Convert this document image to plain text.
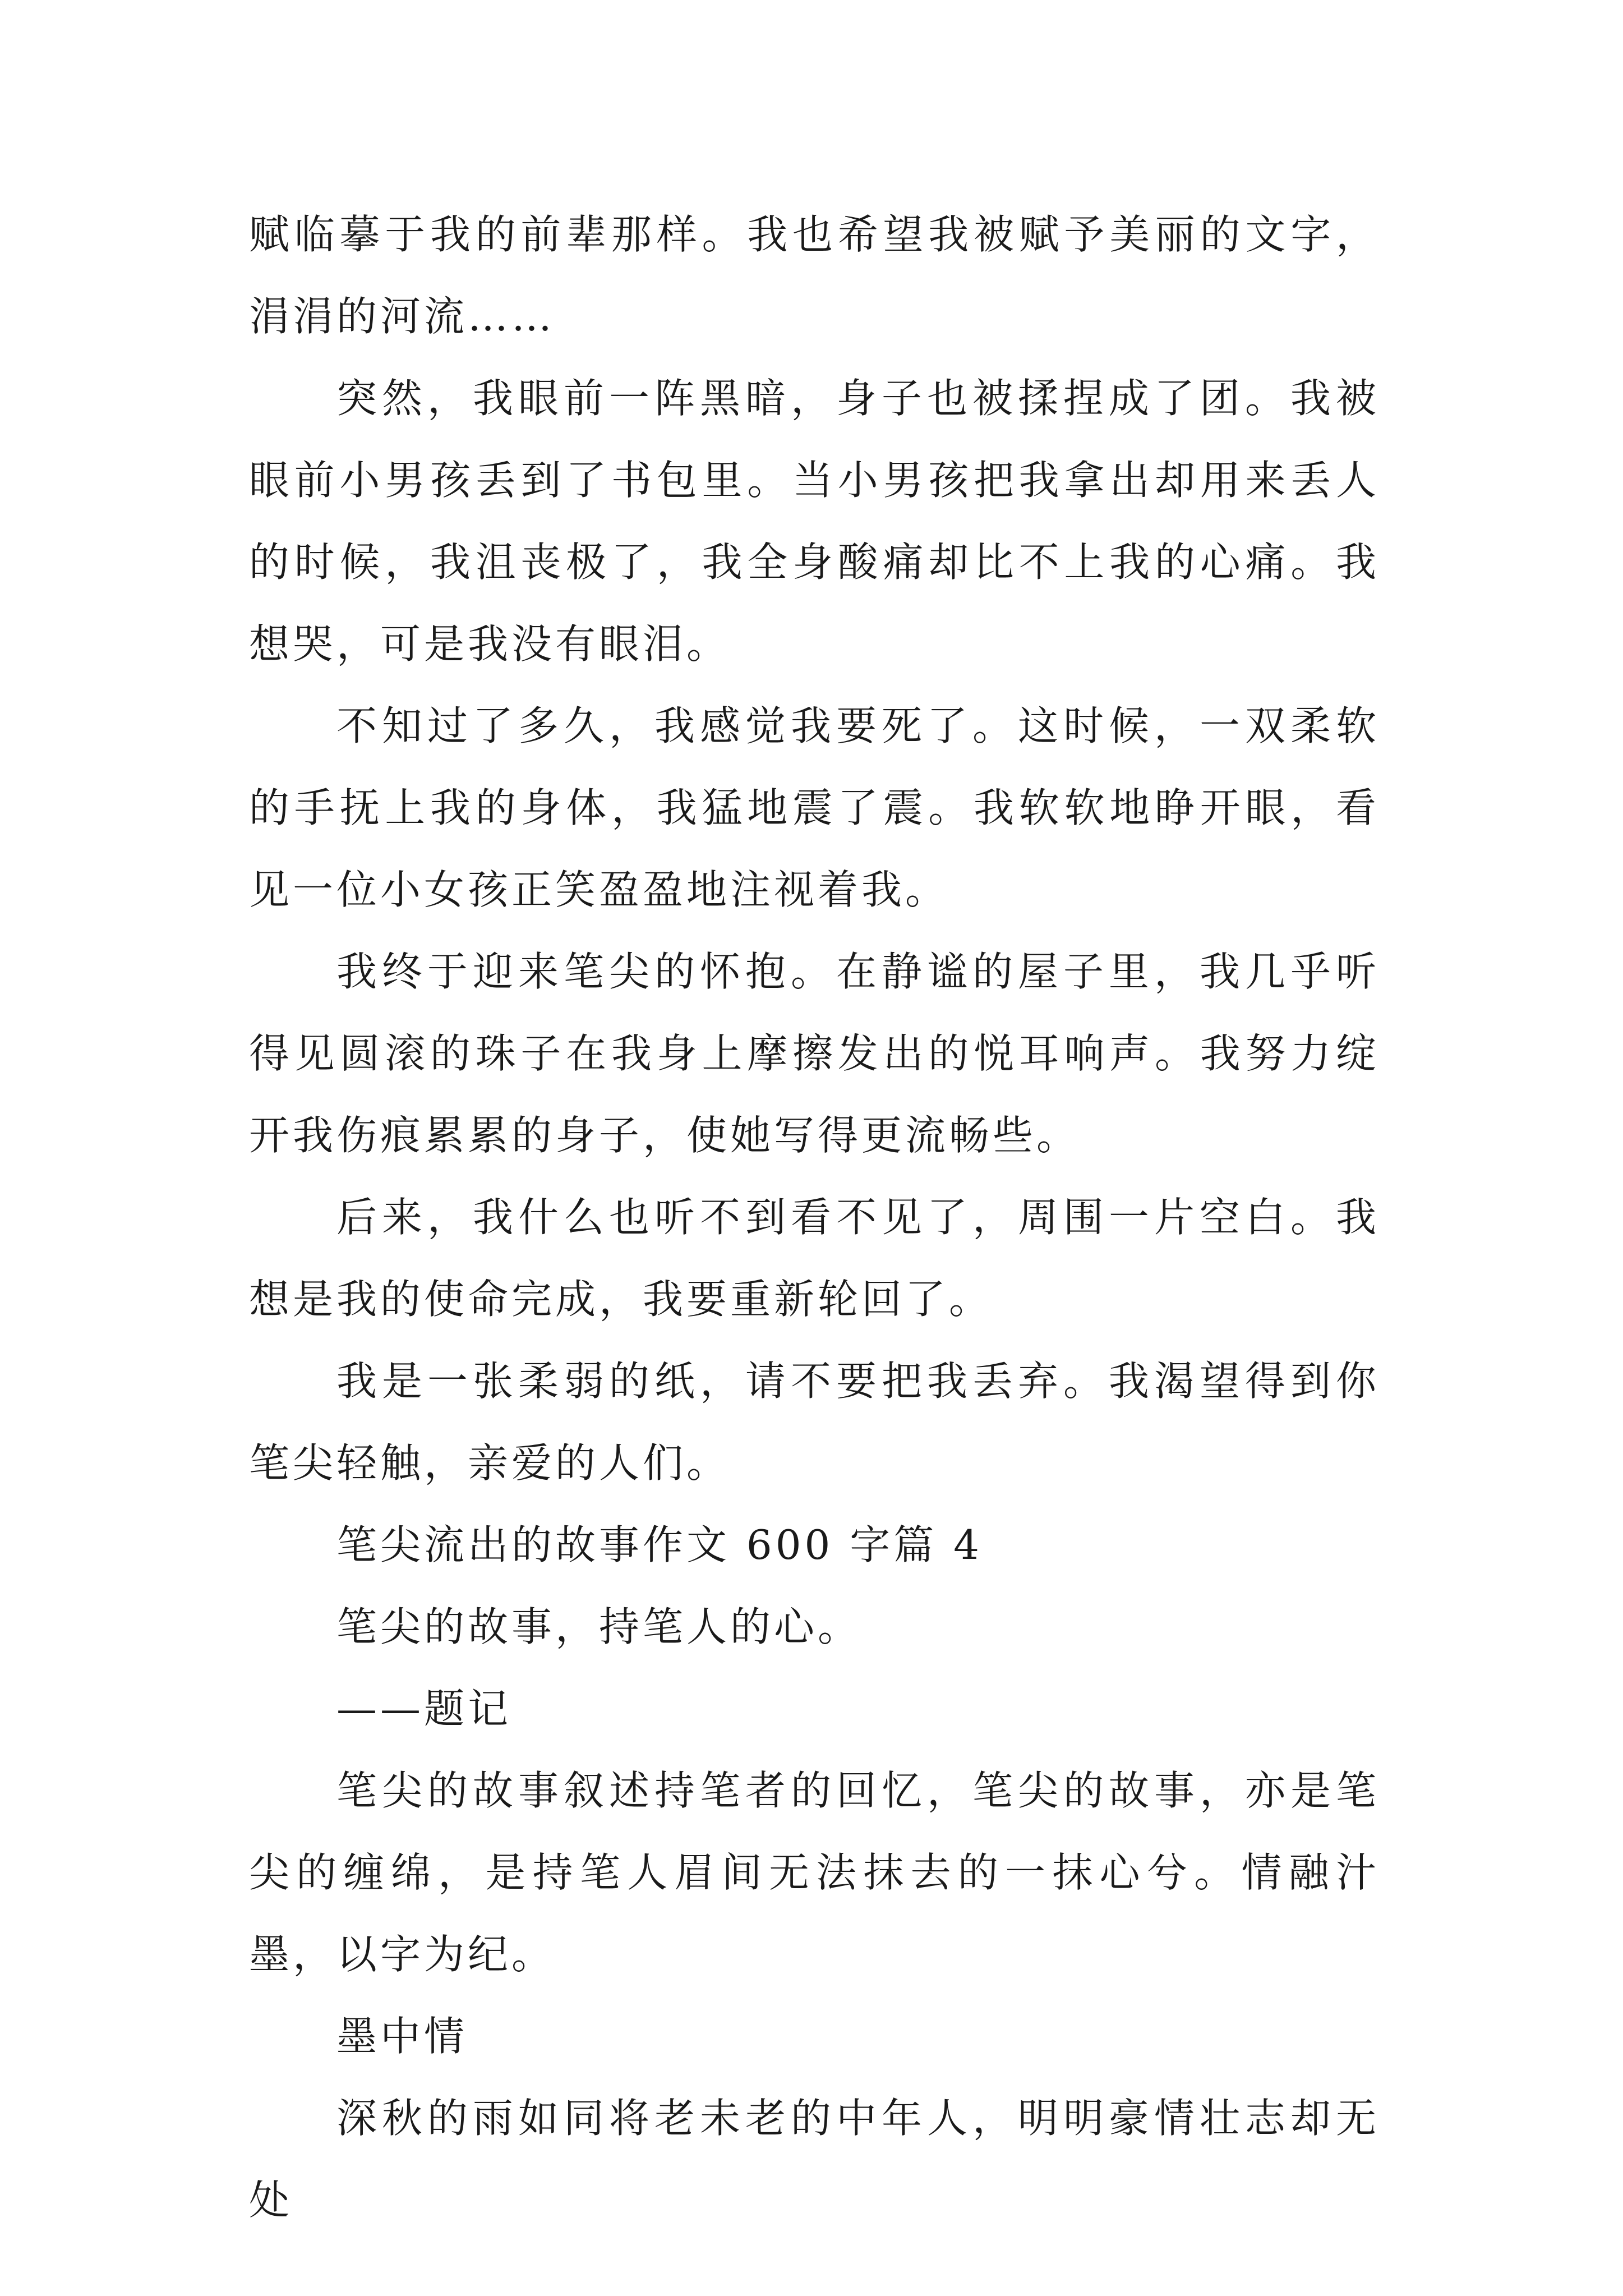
赋临摹于我的前辈那样。我也希望我被赋予美丽的文字，涓涓的河流……

突然，我眼前一阵黑暗，身子也被揉捏成了团。我被眼前小男孩丢到了书包里。当小男孩把我拿出却用来丢人的时候，我沮丧极了，我全身酸痛却比不上我的心痛。我想哭，可是我没有眼泪。

不知过了多久，我感觉我要死了。这时候，一双柔软的手抚上我的身体，我猛地震了震。我软软地睁开眼，看见一位小女孩正笑盈盈地注视着我。

我终于迎来笔尖的怀抱。在静谧的屋子里，我几乎听得见圆滚的珠子在我身上摩擦发出的悦耳响声。我努力绽开我伤痕累累的身子，使她写得更流畅些。

后来，我什么也听不到看不见了，周围一片空白。我想是我的使命完成，我要重新轮回了。

我是一张柔弱的纸，请不要把我丢弃。我渴望得到你笔尖轻触，亲爱的人们。

笔尖流出的故事作文 600 字篇 4

笔尖的故事，持笔人的心。

——题记

笔尖的故事叙述持笔者的回忆，笔尖的故事，亦是笔尖的缠绵，是持笔人眉间无法抹去的一抹心兮。情融汁墨，以字为纪。

墨中情

深秋的雨如同将老未老的中年人，明明豪情壮志却无处
